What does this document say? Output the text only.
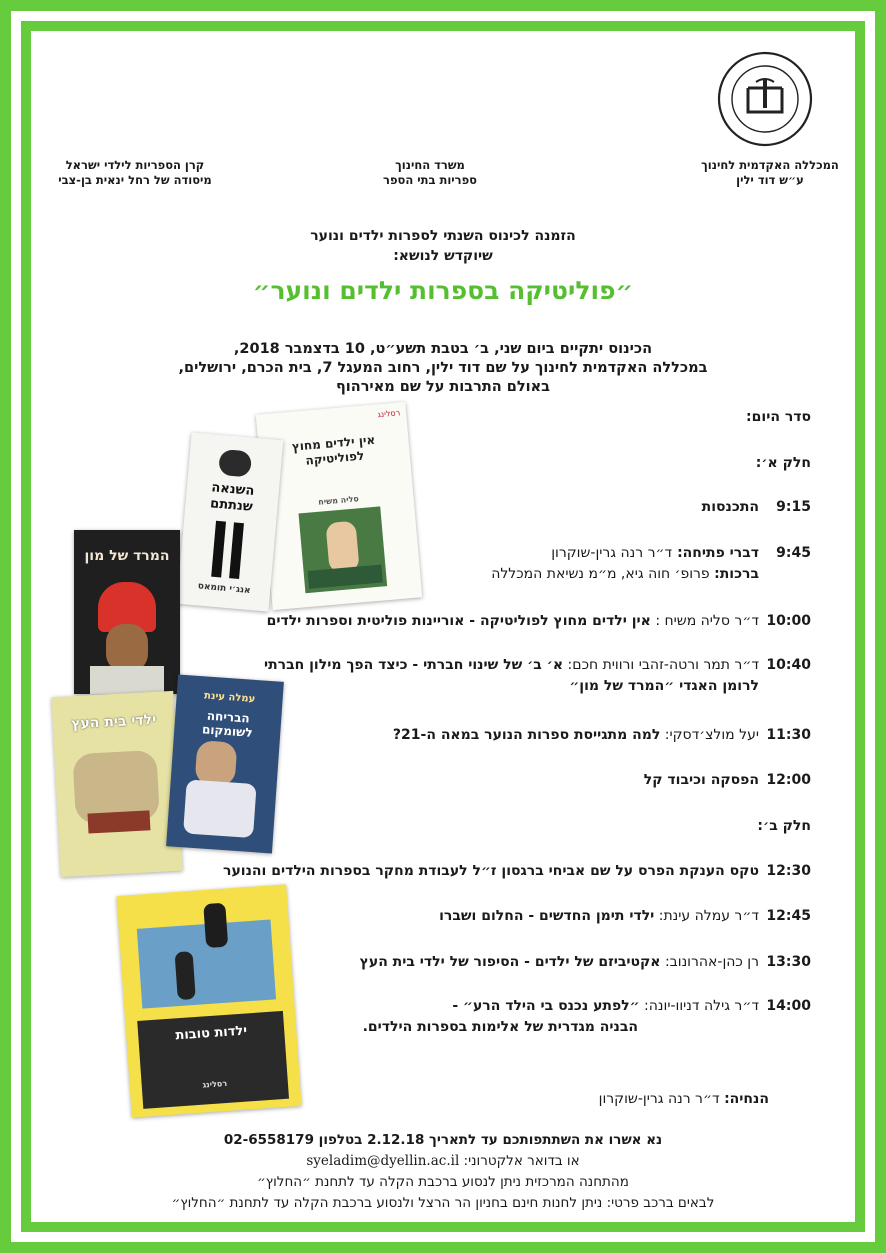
המכללה האקדמית לחינוך
ע״ש דוד ילין
משרד החינוך
ספריות בתי הספר
קרן הספריות לילדי ישראל
מיסודה של רחל ינאית בן-צבי
הזמנה לכינוס השנתי לספרות ילדים ונוער
שיוקדש לנושא:
״פוליטיקה בספרות ילדים ונוער״
הכינוס יתקיים ביום שני, ב׳ בטבת תשע״ט, 10 בדצמבר 2018,
במכללה האקדמית לחינוך על שם דוד ילין, רחוב המעגל 7, בית הכרם, ירושלים,
באולם התרבות על שם מאירהוף
רסלינג
אין ילדים מחוץ לפוליטיקה
סליה משיח
השנאה שנתתם
אנג׳י תומאס
המרד של מון
ילדי בית העץ
עמלה עינת
הבריחה לשומקום
ילדות טובות
רסלינג
סדר היום:
חלק א׳:
9:15התכנסות
9:45דברי פתיחה: ד״ר רנה גרין-שוקרון
ברכות: פרופ׳ חוה גיא, מ״מ נשיאת המכללה
10:00ד״ר סליה משיח : אין ילדים מחוץ לפוליטיקה - אוריינות פוליטית וספרות ילדים
10:40ד״ר תמר ורטה-זהבי ורווית חכם: א׳ ב׳ של שינוי חברתי - כיצד הפך מילון חברתי
לרומן האגדי ״המרד של מון״
11:30יעל מולצ׳דסקי: למה מתגייסת ספרות הנוער במאה ה-21?
12:00הפסקה וכיבוד קל
חלק ב׳:
12:30טקס הענקת הפרס על שם אביחי ברגסון ז״ל לעבודת מחקר בספרות הילדים והנוער
12:45ד״ר עמלה עינת: ילדי תימן החדשים - החלום ושברו
13:30רן כהן-אהרונוב: אקטיביזם של ילדים - הסיפור של ילדי בית העץ
14:00ד״ר גילה דניוו-יונה: ״לפתע נכנס בי הילד הרע״ -
הבניה מגדרית של אלימות בספרות הילדים.
הנחיה: ד״ר רנה גרין-שוקרון
נא אשרו את השתתפותכם עד לתאריך 2.12.18 בטלפון 02-6558179
או בדואר אלקטרוני: syeladim@dyellin.ac.il
מהתחנה המרכזית ניתן לנסוע ברכבת הקלה עד לתחנת ״החלוץ״
לבאים ברכב פרטי: ניתן לחנות חינם בחניון הר הרצל ולנסוע ברכבת הקלה עד לתחנת ״החלוץ״
